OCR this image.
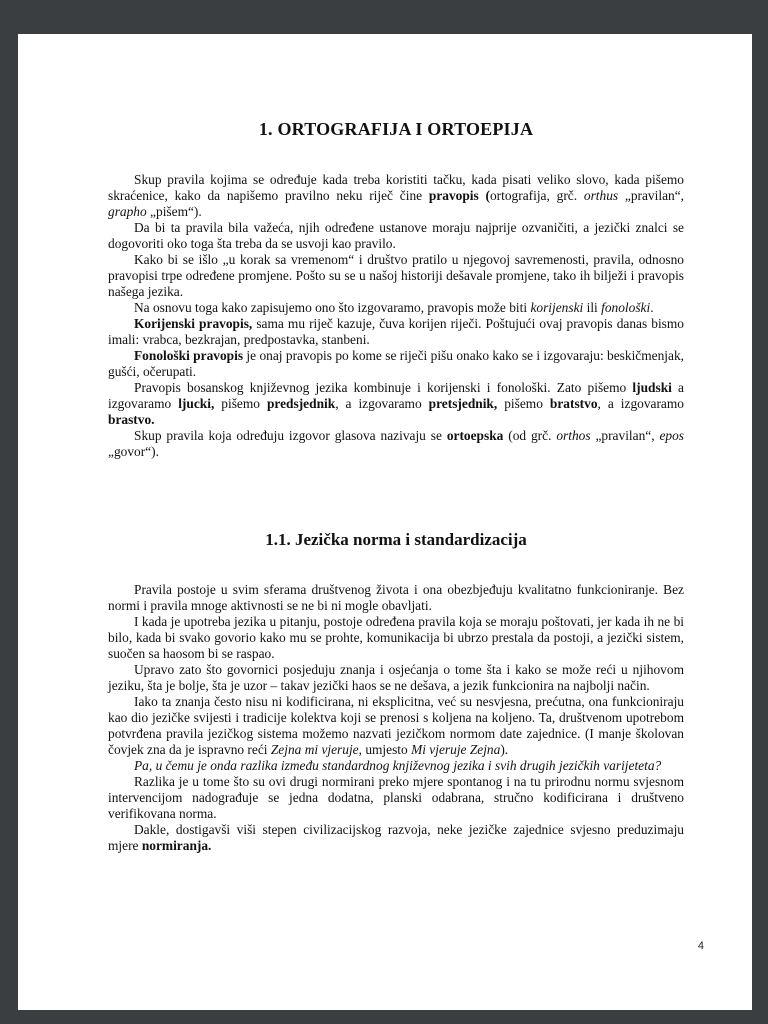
1. ORTOGRAFIJA I ORTOEPIJA

Skup pravila kojima se određuje kada treba koristiti tačku, kada pisati veliko slovo, kada pišemo skraćenice, kako da napišemo pravilno neku riječ čine pravopis (ortografija, grč. orthus „pravilan“, grapho „pišem“).

Da bi ta pravila bila važeća, njih određene ustanove moraju najprije ozvaničiti, a jezički znalci se dogovoriti oko toga šta treba da se usvoji kao pravilo.

Kako bi se išlo „u korak sa vremenom“ i društvo pratilo u njegovoj savremenosti, pravila, odnosno pravopisi trpe određene promjene. Pošto su se u našoj historiji dešavale promjene, tako ih bilježi i pravopis našega jezika.

Na osnovu toga kako zapisujemo ono što izgovaramo, pravopis može biti korijenski ili fonološki.

Korijenski pravopis, sama mu riječ kazuje, čuva korijen riječi. Poštujući ovaj pravopis danas bismo imali: vrabca, bezkrajan, predpostavka, stanbeni.

Fonološki pravopis je onaj pravopis po kome se riječi pišu onako kako se i izgovaraju: beskičmenjak, gušći, očerupati.

Pravopis bosanskog književnog jezika kombinuje i korijenski i fonološki. Zato pišemo ljudski a izgovaramo ljucki, pišemo predsjednik, a izgovaramo pretsjednik, pišemo bratstvo, a izgovaramo brastvo.

Skup pravila koja određuju izgovor glasova nazivaju se ortoepska (od grč. orthos „pravilan“, epos „govor“).

1.1. Jezička norma i standardizacija

Pravila postoje u svim sferama društvenog života i ona obezbjeđuju kvalitatno funkcioniranje. Bez normi i pravila mnoge aktivnosti se ne bi ni mogle obavljati.

I kada je upotreba jezika u pitanju, postoje određena pravila koja se moraju poštovati, jer kada ih ne bi bilo, kada bi svako govorio kako mu se prohte, komunikacija bi ubrzo prestala da postoji, a jezički sistem, suočen sa haosom bi se raspao.

Upravo zato što govornici posjeduju znanja i osjećanja o tome šta i kako se može reći u njihovom jeziku, šta je bolje, šta je uzor – takav jezički haos se ne dešava, a jezik funkcionira na najbolji način.

Iako ta znanja često nisu ni kodificirana, ni eksplicitna, već su nesvjesna, prećutna, ona funkcioniraju kao dio jezičke svijesti i tradicije kolektva koji se prenosi s koljena na koljeno. Ta, društvenom upotrebom potvrđena pravila jezičkog sistema možemo nazvati jezičkom normom date zajednice. (I manje školovan čovjek zna da je ispravno reći Zejna mi vjeruje, umjesto Mi vjeruje Zejna).

Pa, u čemu je onda razlika između standardnog književnog jezika i svih drugih jezičkih varijeteta?

Razlika je u tome što su ovi drugi normirani preko mjere spontanog i na tu prirodnu normu svjesnom intervencijom nadograđuje se jedna dodatna, planski odabrana, stručno kodificirana i društveno verifikovana norma.

Dakle, dostigavši viši stepen civilizacijskog razvoja, neke jezičke zajednice svjesno preduzimaju mjere normiranja.

4
